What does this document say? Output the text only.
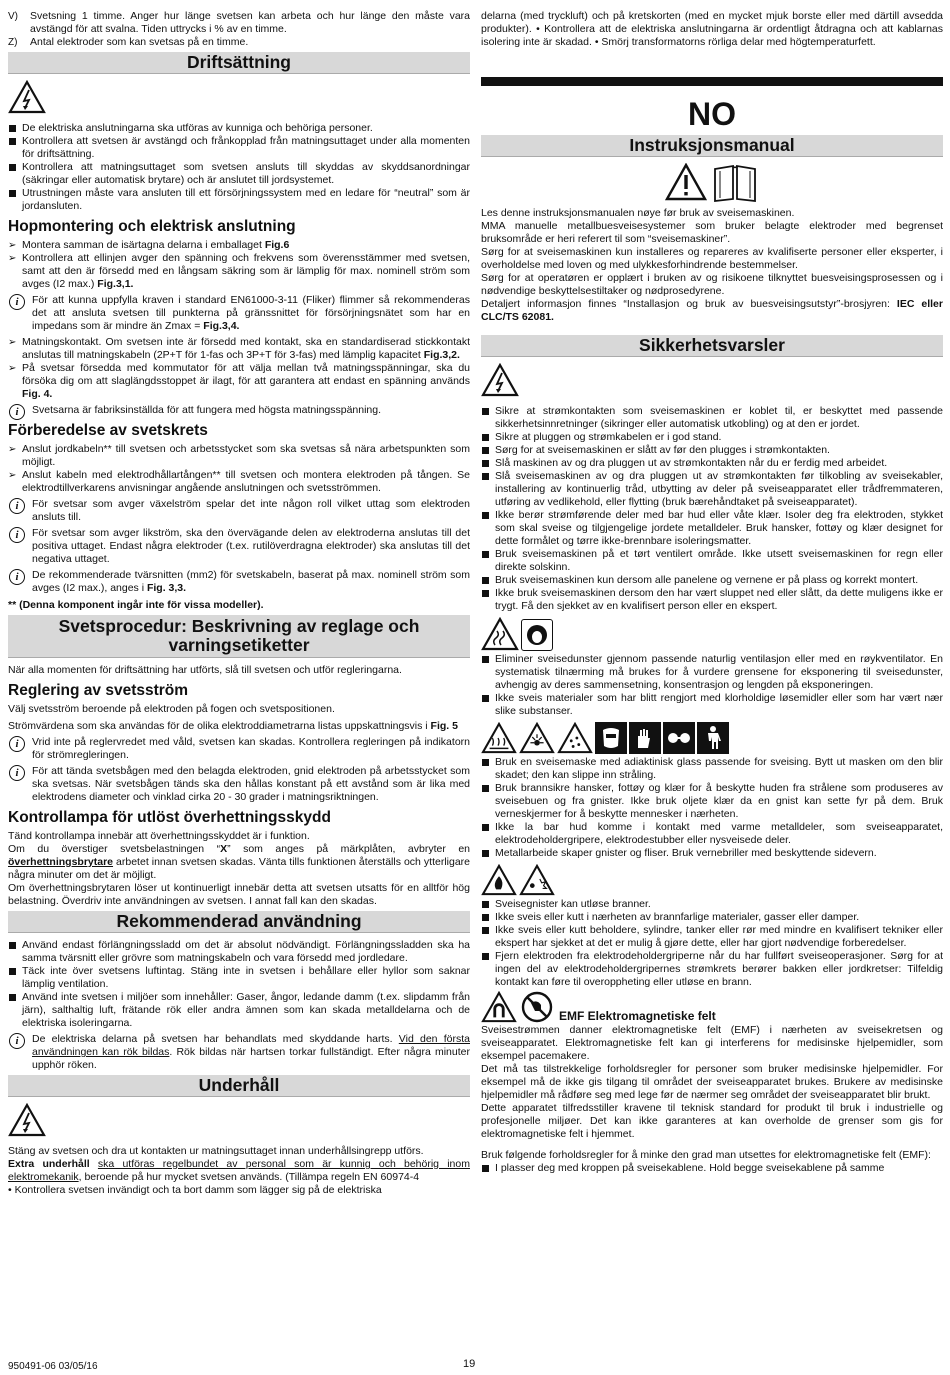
V) Svetsning 1 timme. Anger hur länge svetsen kan arbeta och hur länge den måste vara avstängd för att svalna. Tiden uttrycks i % av en timme.
Z) Antal elektroder som kan svetsas på en timme.
Driftsättning
De elektriska anslutningarna ska utföras av kunniga och behöriga personer.
Kontrollera att svetsen är avstängd och frånkopplad från matningsuttaget under alla momenten för driftsättning.
Kontrollera att matningsuttaget som svetsen ansluts till skyddas av skyddsanordningar (säkringar eller automatisk brytare) och är anslutet till jordsystemet.
Utrustningen måste vara ansluten till ett försörjningssystem med en ledare för “neutral” som är jordansluten.
Hopmontering och elektrisk anslutning
➢ Montera samman de isärtagna delarna i emballaget Fig.6
➢ Kontrollera att ellinjen avger den spänning och frekvens som överensstämmer med svetsen, samt att den är försedd med en långsam säkring som är lämplig för max. nominell ström som avges (I2 max.) Fig.3,1.
i	För att kunna uppfylla kraven i standard EN61000-3-11 (Fliker) flimmer så rekommenderas det att ansluta svetsen till punkterna på gränssnittet för försörjningsnätet som har en impedans som är mindre än Zmax = Fig.3,4.
➢ Matningskontakt. Om svetsen inte är försedd med kontakt, ska en standardiserad stickkontakt anslutas till matningskabeln (2P+T för 1-fas och 3P+T för 3-fas) med lämplig kapacitet Fig.3,2.
➢ På svetsar försedda med kommutator för att välja mellan två matningsspänningar, ska du försöka dig om att slaglängdsstoppet är ilagt, för att garantera att endast en spänning används Fig. 4.
i	Svetsarna är fabriksinställda för att fungera med högsta matningsspänning.
Förberedelse av svetskrets
➢ Anslut jordkabeln** till svetsen och arbetsstycket som ska svetsas så nära arbetspunkten som möjligt.
➢ Anslut kabeln med elektrodhållartången** till svetsen och montera elektroden på tången. Se elektrodtillverkarens anvisningar angående anslutningen och svetsströmmen.
i	För svetsar som avger växelström spelar det inte någon roll vilket uttag som elektroden ansluts till.
i	För svetsar som avger likström, ska den övervägande delen av elektroderna anslutas till det positiva uttaget. Endast några elektroder (t.ex. rutilöverdragna elektroder) ska anslutas till det negativa uttaget.
i	De rekommenderade tvärsnitten (mm2) för svetskabeln, baserat på max. nominell ström som avges (I2 max.), anges i Fig. 3,3.

** (Denna komponent ingår inte för vissa modeller).

Svetsprocedur: Beskrivning av reglage och varningsetiketter

När alla momenten för driftsättning har utförts, slå till svetsen och utför regleringarna.

Reglering av svetsström

Välj svetsström beroende på elektroden på fogen och svetspositionen.

Strömvärdena som ska användas för de olika elektroddiametrarna listas uppskattningsvis i Fig. 5

i	Vrid inte på reglervredet med våld, svetsen kan skadas. Kontrollera regleringen på indikatorn för strömregleringen.
i	För att tända svetsbågen med den belagda elektroden, gnid elektroden på arbetsstycket som ska svetsas. När svetsbågen tänds ska den hållas konstant på ett avstånd som är lika med elektrodens diameter och vinklad cirka 20 - 30 grader i matningsriktningen.
Kontrollampa för utlöst överhettningsskydd

Tänd kontrollampa innebär att överhettningsskyddet är i funktion.

Om du överstiger svetsbelastningen “X” som anges på märkplåten, avbryter en överhettningsbrytare arbetet innan svetsen skadas. Vänta tills funktionen återställs och ytterligare några minuter om det är möjligt.

Om överhettningsbrytaren löser ut kontinuerligt innebär detta att svetsen utsatts för en alltför hög belastning. Överdriv inte användningen av svetsen. I annat fall kan den skadas.

Rekommenderad användning
Använd endast förlängningssladd om det är absolut nödvändigt. Förlängningssladden ska ha samma tvärsnitt eller grövre som matningskabeln och vara försedd med jordledare.
Täck inte över svetsens luftintag. Stäng inte in svetsen i behållare eller hyllor som saknar lämplig ventilation.
Använd inte svetsen i miljöer som innehåller: Gaser, ångor, ledande damm (t.ex. slipdamm från järn), salthaltig luft, frätande rök eller andra ämnen som kan skada metalldelarna och de elektriska isoleringarna.
i	De elektriska delarna på svetsen har behandlats med skyddande harts. Vid den första användningen kan rök bildas. Rök bildas när hartsen torkar fullständigt. Efter några minuter upphör röken.
Underhåll

Stäng av svetsen och dra ut kontakten ur matningsuttaget innan underhållsingrepp utförs.

Extra underhåll ska utföras regelbundet av personal som är kunnig och behörig inom elektromekanik, beroende på hur mycket svetsen används. (Tillämpa regeln EN 60974-4

• Kontrollera svetsen invändigt och ta bort damm som lägger sig på de elektriska

delarna (med tryckluft) och på kretskorten (med en mycket mjuk borste eller med därtill avsedda produkter). • Kontrollera att de elektriska anslutningarna är ordentligt åtdragna och att kablarnas isolering inte är skadad. • Smörj transformatorns rörliga delar med högtemperaturfett.

NO
Instruksjonsmanual

Les denne instruksjonsmanualen nøye før bruk av sveisemaskinen.

MMA manuelle metallbuesveisesystemer som bruker belagte elektroder med begrenset bruksområde er heri referert til som “sveisemaskiner”.

Sørg for at sveisemaskinen kun installeres og repareres av kvalifiserte personer eller eksperter, i overholdelse med loven og med ulykkesforhindrende bestemmelser.

Sørg for at operatøren er opplært i bruken av og risikoene tilknyttet buesveisingsprosessen og i nødvendige beskyttelsestiltaker og nødprosedyrene.

Detaljert informasjon finnes “Installasjon og bruk av buesveisingsutstyr”-brosjyren: IEC eller CLC/TS 62081.

Sikkerhetsvarsler
Sikre at strømkontakten som sveisemaskinen er koblet til, er beskyttet med passende sikkerhetsinnretninger (sikringer eller automatisk utkobling) og at den er jordet.
Sikre at pluggen og strømkabelen er i god stand.
Sørg for at sveisemaskinen er slått av før den plugges i strømkontakten.
Slå maskinen av og dra pluggen ut av strømkontakten når du er ferdig med arbeidet.
Slå sveisemaskinen av og dra pluggen ut av strømkontakten før tilkobling av sveisekabler, installering av kontinuerlig tråd, utbytting av deler på sveiseapparatet eller trådfremmateren, utføring av vedlikehold, eller flytting (bruk bærehåndtaket på sveiseapparatet).
Ikke berør strømførende deler med bar hud eller våte klær. Isoler deg fra elektroden, stykket som skal sveise og tilgjengelige jordete metalldeler. Bruk hansker, fottøy og klær designet for dette formålet og tørre ikke-brennbare isoleringsmatter.
Bruk sveisemaskinen på et tørt ventilert område. Ikke utsett sveisemaskinen for regn eller direkte solskinn.
Bruk sveisemaskinen kun dersom alle panelene og vernene er på plass og korrekt montert.
Ikke bruk sveisemaskinen dersom den har vært sluppet ned eller slått, da dette muligens ikke er trygt. Få den sjekket av en kvalifisert person eller en ekspert.
Eliminer sveisedunster gjennom passende naturlig ventilasjon eller med en røykventilator. En systematisk tilnærming må brukes for å vurdere grensene for eksponering til sveisedunster, avhengig av deres sammensetning, konsentrasjon og lengden på eksponeringen.
Ikke sveis materialer som har blitt rengjort med klorholdige løsemidler eller som har vært nær slike substanser.
Bruk en sveisemaske med adiaktinisk glass passende for sveising. Bytt ut masken om den blir skadet; den kan slippe inn stråling.
Bruk brannsikre hansker, fottøy og klær for å beskytte huden fra strålene som produseres av sveisebuen og fra gnister. Ikke bruk oljete klær da en gnist kan sette fyr på dem. Bruk verneskjermer for å beskytte mennesker i nærheten.
Ikke la bar hud komme i kontakt med varme metalldeler, som sveiseapparatet, elektrodeholdergripere, elektrodestubber eller nysveisede deler.
Metallarbeide skaper gnister og fliser. Bruk vernebriller med beskyttende sidevern.
Sveisegnister kan utløse branner.
Ikke sveis eller kutt i nærheten av brannfarlige materialer, gasser eller damper.
Ikke sveis eller kutt beholdere, sylindre, tanker eller rør med mindre en kvalifisert tekniker eller ekspert har sjekket at det er mulig å gjøre dette, eller har gjort nødvendige forberedelser.
Fjern elektroden fra elektrodeholdergriperne når du har fullført sveiseoperasjoner. Sørg for at ingen del av elektrodeholdergripernes strømkrets berører bakken eller jordkretser: Tilfeldig kontakt kan føre til overoppheting eller utløse en brann.
EMF Elektromagnetiske felt

Sveisestrømmen danner elektromagnetiske felt (EMF) i nærheten av sveisekretsen og sveiseapparatet. Elektromagnetiske felt kan gi interferens for medisinske hjelpemidler, som eksempel pacemakere.

Det må tas tilstrekkelige forholdsregler for personer som bruker medisinske hjelpemidler. For eksempel må de ikke gis tilgang til området der sveiseapparatet brukes. Brukere av medisinske hjelpemidler må rådføre seg med lege før de nærmer seg området der sveiseapparatet blir brukt.

Dette apparatet tilfredsstiller kravene til teknisk standard for produkt til bruk i industrielle og profesjonelle miljøer. Det kan ikke garanteres at kan overholde de grenser som gis for elektromagnetiske felt i hjemmet.

Bruk følgende forholdsregler for å minke den grad man utsettes for elektromagnetiske felt (EMF):

I plasser deg med kroppen på sveisekablene. Hold begge sveisekablene på samme
950491-06 03/05/16	19
